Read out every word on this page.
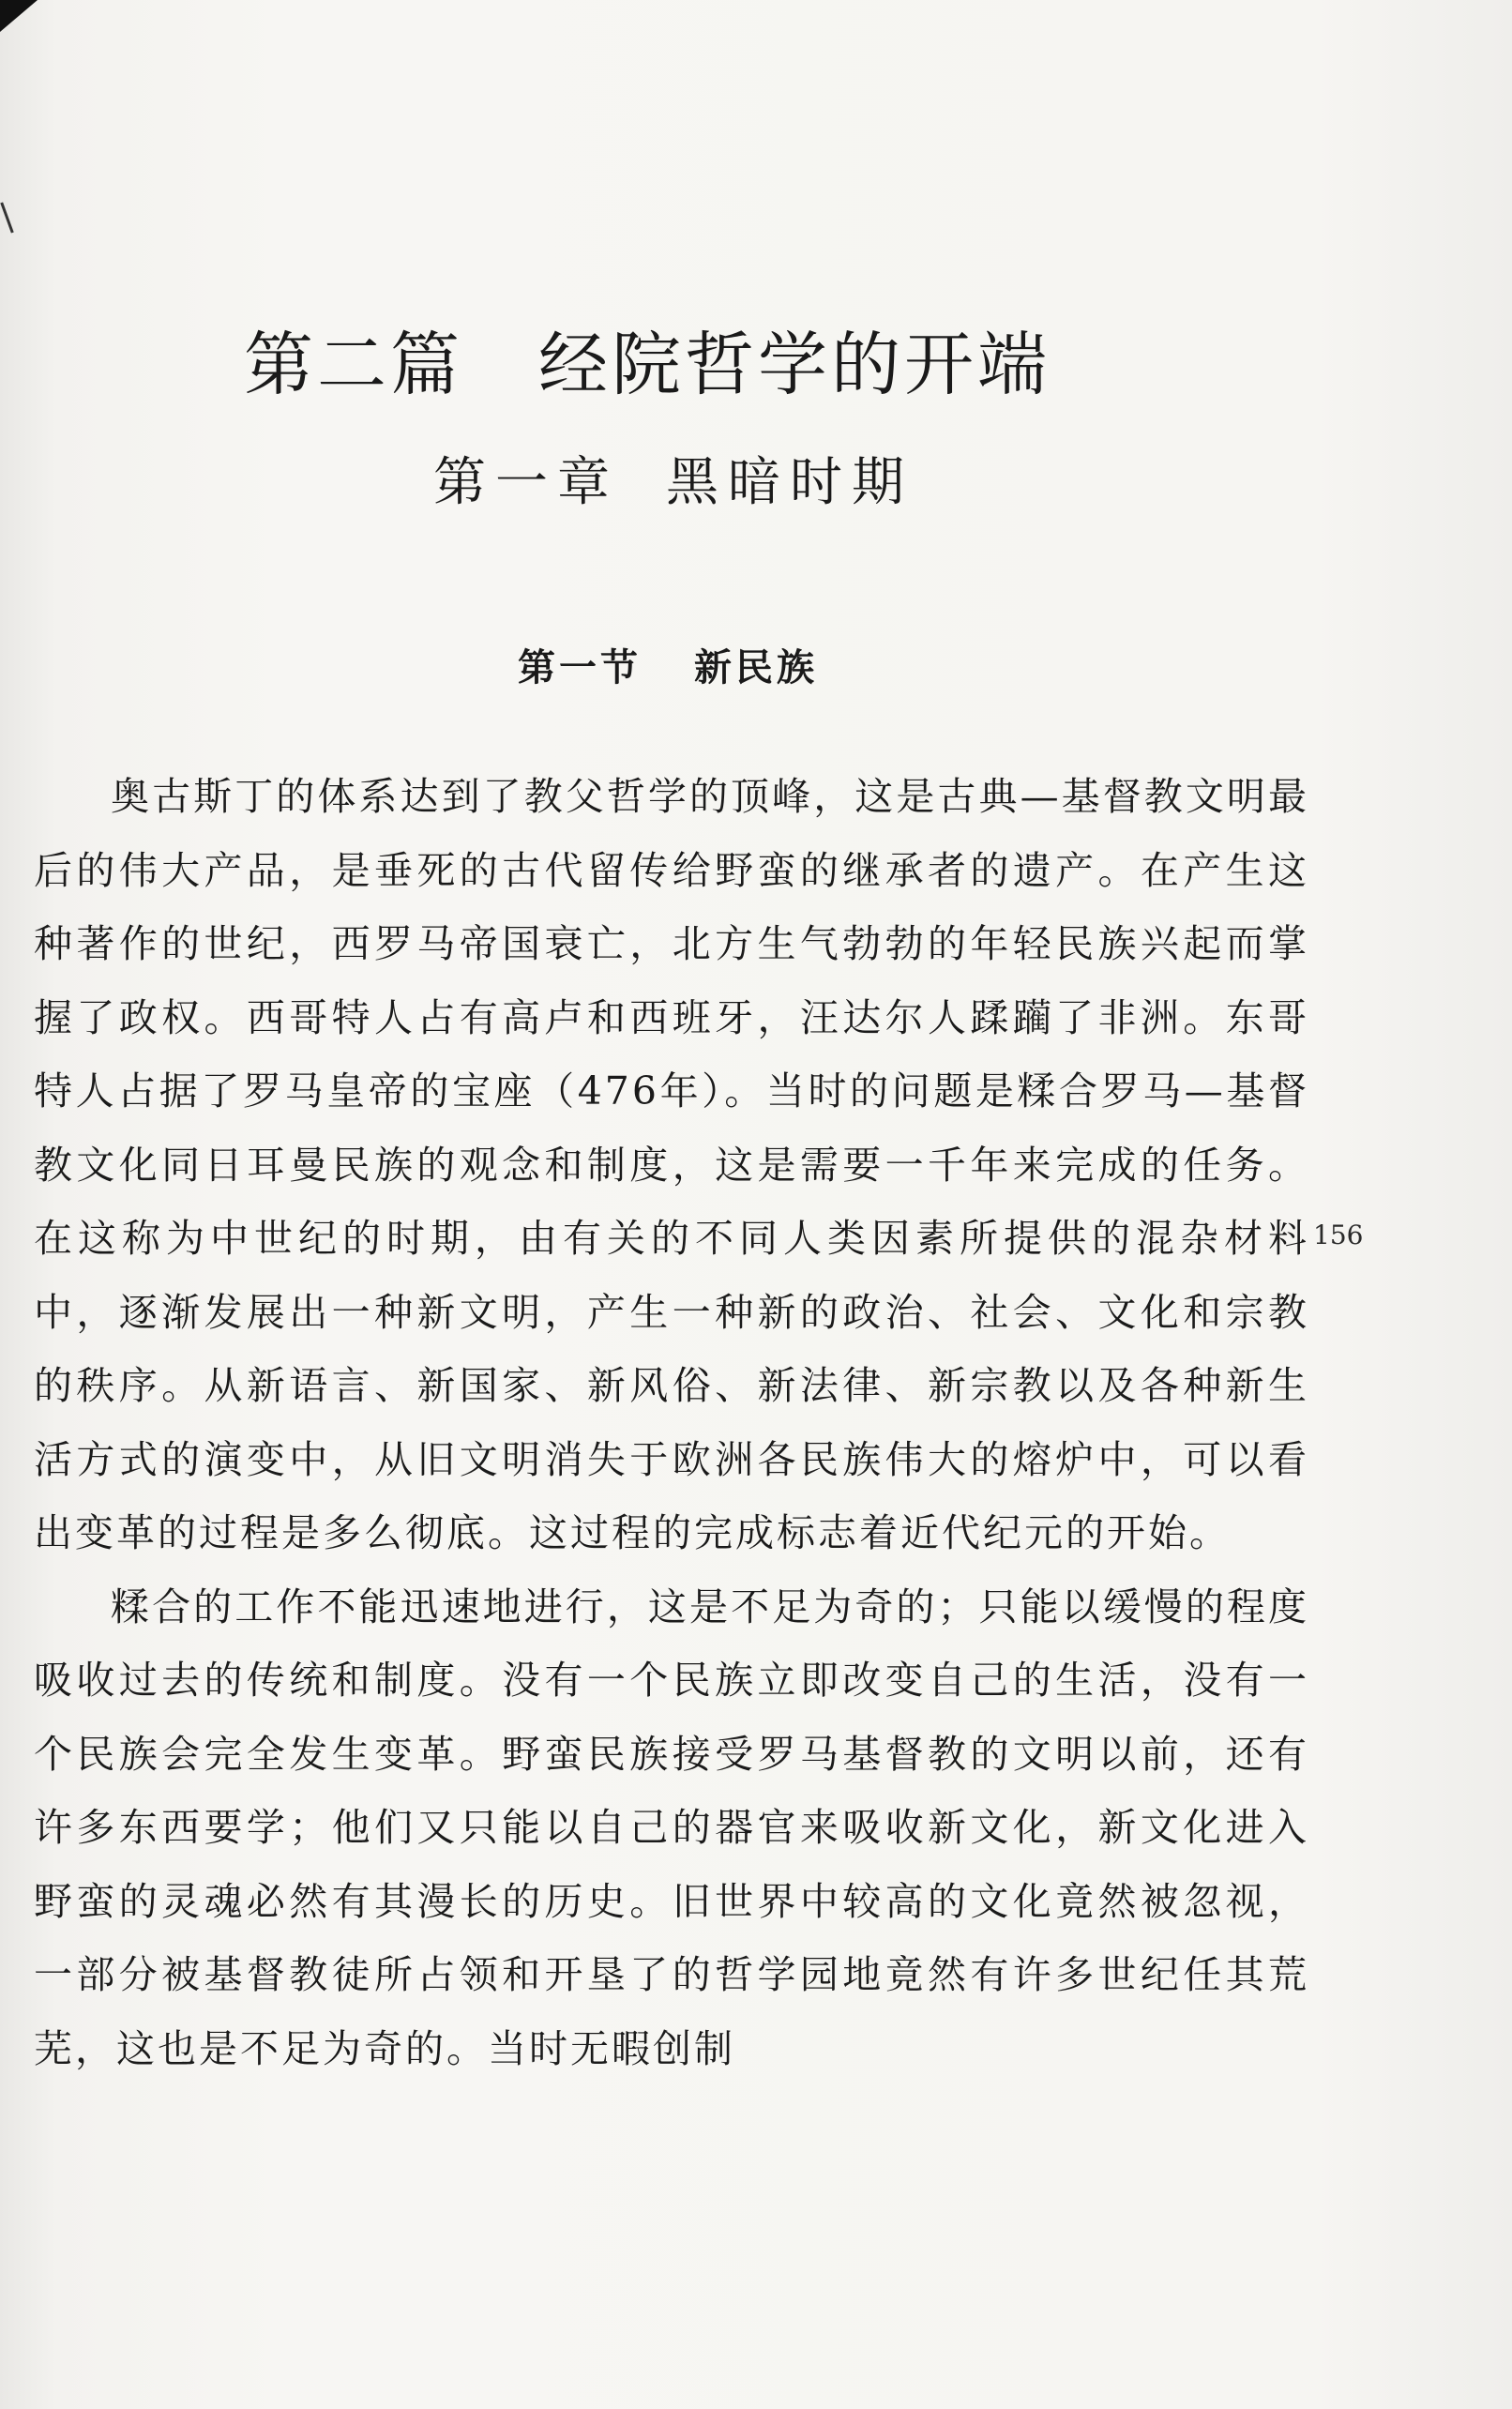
第二篇 经院哲学的开端
第一章 黑暗时期
第一节 新民族

奥古斯丁的体系达到了教父哲学的顶峰，这是古典—基督教文明最后的伟大产品，是垂死的古代留传给野蛮的继承者的遗产。在产生这种著作的世纪，西罗马帝国衰亡，北方生气勃勃的年轻民族兴起而掌握了政权。西哥特人占有高卢和西班牙，汪达尔人蹂躏了非洲。东哥特人占据了罗马皇帝的宝座（476年）。当时的问题是糅合罗马—基督教文化同日耳曼民族的观念和制度，这是需要一千年来完成的任务。在这称为中世纪的时期，由有关的不同人类因素所提供的混杂材料中，逐渐发展出一种新文明，产生一种新的政治、社会、文化和宗教的秩序。从新语言、新国家、新风俗、新法律、新宗教以及各种新生活方式的演变中，从旧文明消失于欧洲各民族伟大的熔炉中，可以看出变革的过程是多么彻底。这过程的完成标志着近代纪元的开始。

糅合的工作不能迅速地进行，这是不足为奇的；只能以缓慢的程度吸收过去的传统和制度。没有一个民族立即改变自己的生活，没有一个民族会完全发生变革。野蛮民族接受罗马基督教的文明以前，还有许多东西要学；他们又只能以自己的器官来吸收新文化，新文化进入野蛮的灵魂必然有其漫长的历史。旧世界中较高的文化竟然被忽视，一部分被基督教徒所占领和开垦了的哲学园地竟然有许多世纪任其荒芜，这也是不足为奇的。当时无暇创制

156
